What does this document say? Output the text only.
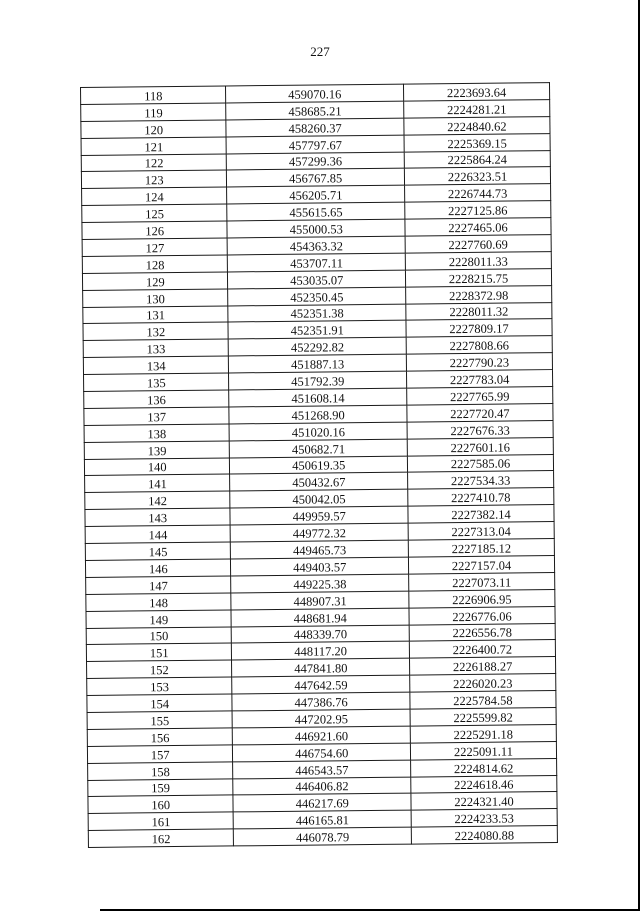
227
118	459070.16	2223693.64
119	458685.21	2224281.21
120	458260.37	2224840.62
121	457797.67	2225369.15
122	457299.36	2225864.24
123	456767.85	2226323.51
124	456205.71	2226744.73
125	455615.65	2227125.86
126	455000.53	2227465.06
127	454363.32	2227760.69
128	453707.11	2228011.33
129	453035.07	2228215.75
130	452350.45	2228372.98
131	452351.38	2228011.32
132	452351.91	2227809.17
133	452292.82	2227808.66
134	451887.13	2227790.23
135	451792.39	2227783.04
136	451608.14	2227765.99
137	451268.90	2227720.47
138	451020.16	2227676.33
139	450682.71	2227601.16
140	450619.35	2227585.06
141	450432.67	2227534.33
142	450042.05	2227410.78
143	449959.57	2227382.14
144	449772.32	2227313.04
145	449465.73	2227185.12
146	449403.57	2227157.04
147	449225.38	2227073.11
148	448907.31	2226906.95
149	448681.94	2226776.06
150	448339.70	2226556.78
151	448117.20	2226400.72
152	447841.80	2226188.27
153	447642.59	2226020.23
154	447386.76	2225784.58
155	447202.95	2225599.82
156	446921.60	2225291.18
157	446754.60	2225091.11
158	446543.57	2224814.62
159	446406.82	2224618.46
160	446217.69	2224321.40
161	446165.81	2224233.53
162	446078.79	2224080.88
